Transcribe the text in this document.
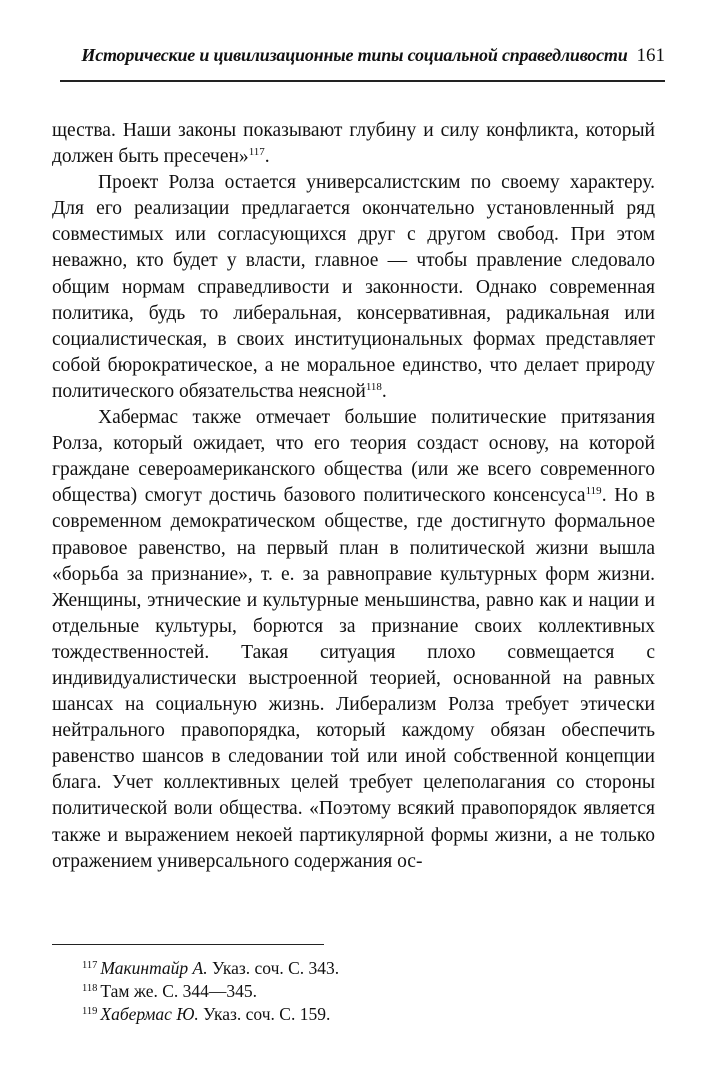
Исторические и цивилизационные типы социальной справедливости 161

щества. Наши законы показывают глубину и силу конфликта, который должен быть пресечен»$^{117}$.

Проект Ролза остается универсалистским по своему характеру. Для его реализации предлагается окончательно установленный ряд совместимых или согласующихся друг с другом свобод. При этом неважно, кто будет у власти, главное — чтобы правление следовало общим нормам справедливости и законности. Однако современная политика, будь то либеральная, консервативная, радикальная или социалистическая, в своих институциональных формах представляет собой бюрократическое, а не моральное единство, что делает природу политического обязательства неясной$^{118}$.

Хабермас также отмечает большие политические притязания Ролза, который ожидает, что его теория создаст основу, на которой граждане североамериканского общества (или же всего современного общества) смогут достичь базового политического консенсуса$^{119}$. Но в современном демократическом обществе, где достигнуто формальное правовое равенство, на первый план в политической жизни вышла «борьба за признание», т. е. за равноправие культурных форм жизни. Женщины, этнические и культурные меньшинства, равно как и нации и отдельные культуры, борются за признание своих коллективных тождественностей. Такая ситуация плохо совмещается с индивидуалистически выстроенной теорией, основанной на равных шансах на социальную жизнь. Либерализм Ролза требует этически нейтрального правопорядка, который каждому обязан обеспечить равенство шансов в следовании той или иной собственной концепции блага. Учет коллективных целей требует целеполагания со стороны политической воли общества. «Поэтому всякий правопорядок является также и выражением некоей партикулярной формы жизни, а не только отражением универсального содержания ос-

$^{117}$ Макинтайр А. Указ. соч. С. 343.

$^{118}$ Там же. С. 344—345.

$^{119}$ Хабермас Ю. Указ. соч. С. 159.
